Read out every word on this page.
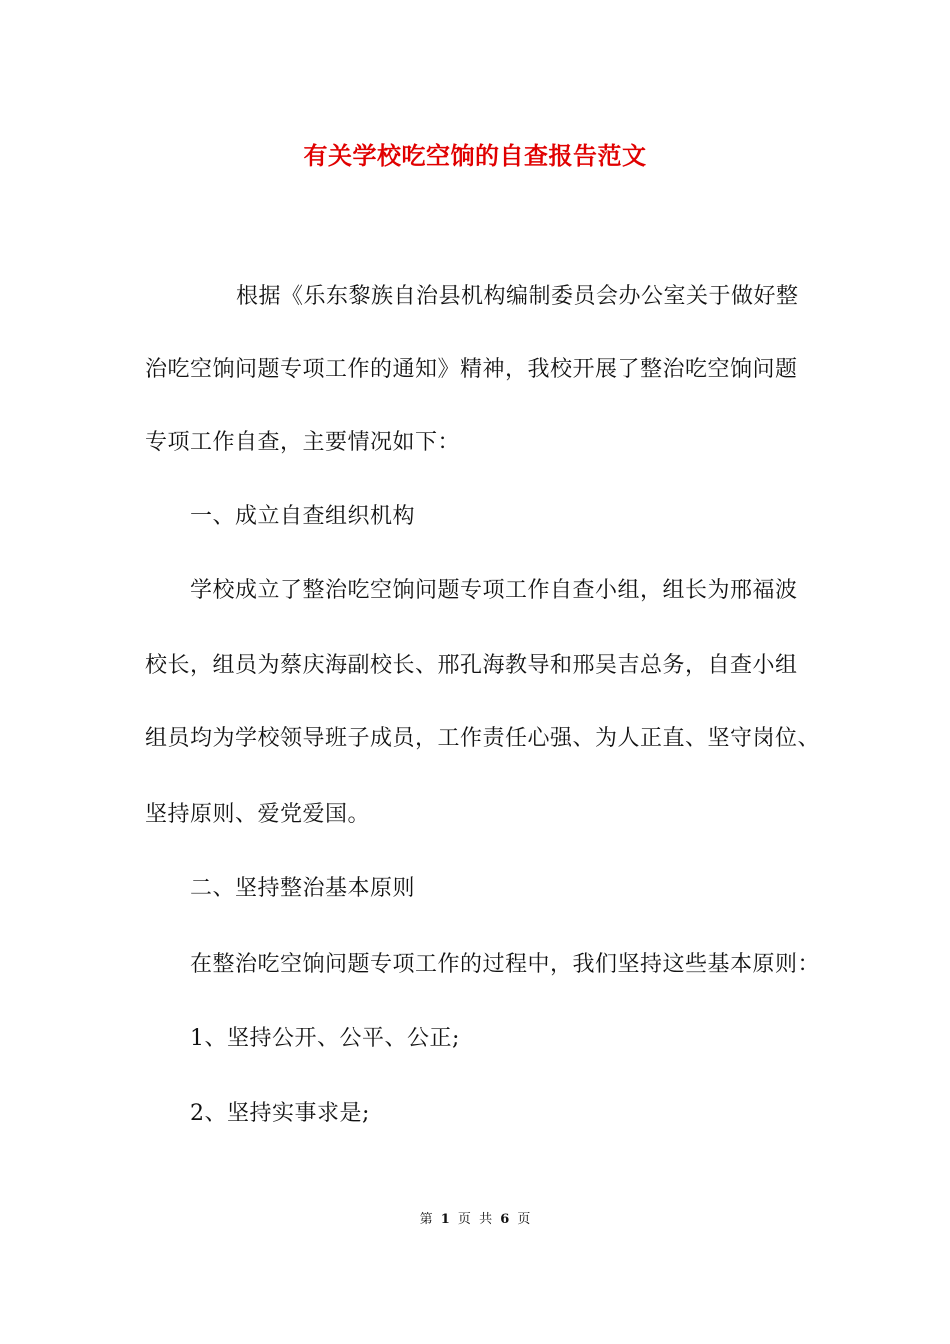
有关学校吃空饷的自查报告范文
根据《乐东黎族自治县机构编制委员会办公室关于做好整
治吃空饷问题专项工作的通知》精神，我校开展了整治吃空饷问题
专项工作自查，主要情况如下：
一、成立自查组织机构
学校成立了整治吃空饷问题专项工作自查小组，组长为邢福波
校长，组员为蔡庆海副校长、邢孔海教导和邢吴吉总务，自查小组
组员均为学校领导班子成员，工作责任心强、为人正直、坚守岗位、
坚持原则、爱党爱国。
二、坚持整治基本原则
在整治吃空饷问题专项工作的过程中，我们坚持这些基本原则：
1、坚持公开、公平、公正;
2、坚持实事求是;
第 1 页 共 6 页
